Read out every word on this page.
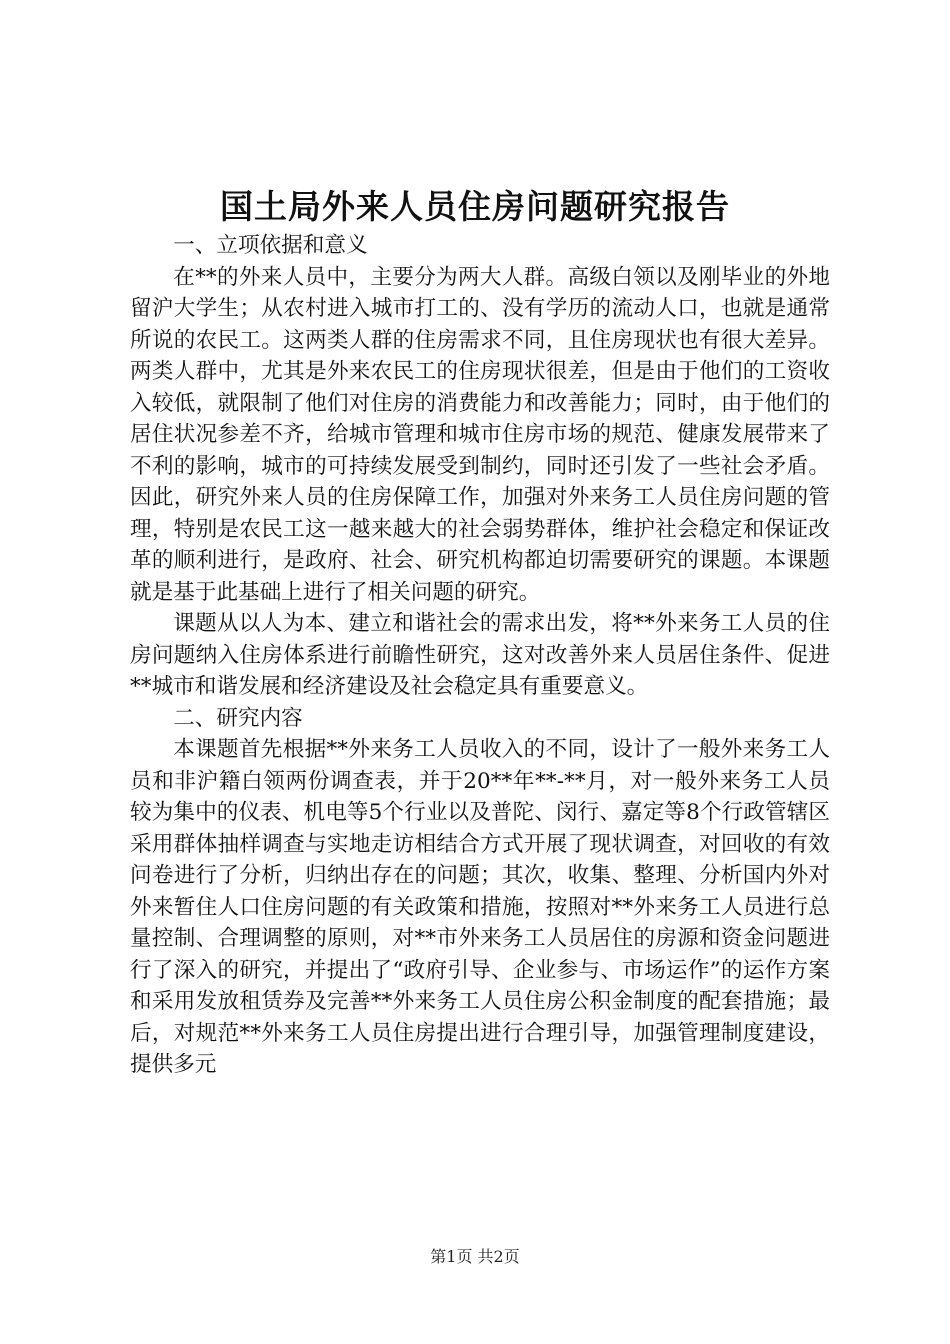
国土局外来人员住房问题研究报告

一、立项依据和意义

在**的外来人员中，主要分为两大人群。高级白领以及刚毕业的外地留沪大学生；从农村进入城市打工的、没有学历的流动人口，也就是通常所说的农民工。这两类人群的住房需求不同，且住房现状也有很大差异。两类人群中，尤其是外来农民工的住房现状很差，但是由于他们的工资收入较低，就限制了他们对住房的消费能力和改善能力；同时，由于他们的居住状况参差不齐，给城市管理和城市住房市场的规范、健康发展带来了不利的影响，城市的可持续发展受到制约，同时还引发了一些社会矛盾。因此，研究外来人员的住房保障工作，加强对外来务工人员住房问题的管理，特别是农民工这一越来越大的社会弱势群体，维护社会稳定和保证改革的顺利进行，是政府、社会、研究机构都迫切需要研究的课题。本课题就是基于此基础上进行了相关问题的研究。

课题从以人为本、建立和谐社会的需求出发，将**外来务工人员的住房问题纳入住房体系进行前瞻性研究，这对改善外来人员居住条件、促进**城市和谐发展和经济建设及社会稳定具有重要意义。

二、研究内容

本课题首先根据**外来务工人员收入的不同，设计了一般外来务工人员和非沪籍白领两份调查表，并于20**年**-**月，对一般外来务工人员较为集中的仪表、机电等5个行业以及普陀、闵行、嘉定等8个行政管辖区采用群体抽样调查与实地走访相结合方式开展了现状调查，对回收的有效问卷进行了分析，归纳出存在的问题；其次，收集、整理、分析国内外对外来暂住人口住房问题的有关政策和措施，按照对**外来务工人员进行总量控制、合理调整的原则，对**市外来务工人员居住的房源和资金问题进行了深入的研究，并提出了“政府引导、企业参与、市场运作”的运作方案和采用发放租赁券及完善**外来务工人员住房公积金制度的配套措施；最后，对规范**外来务工人员住房提出进行合理引导，加强管理制度建设，提供多元

第1页 共2页
